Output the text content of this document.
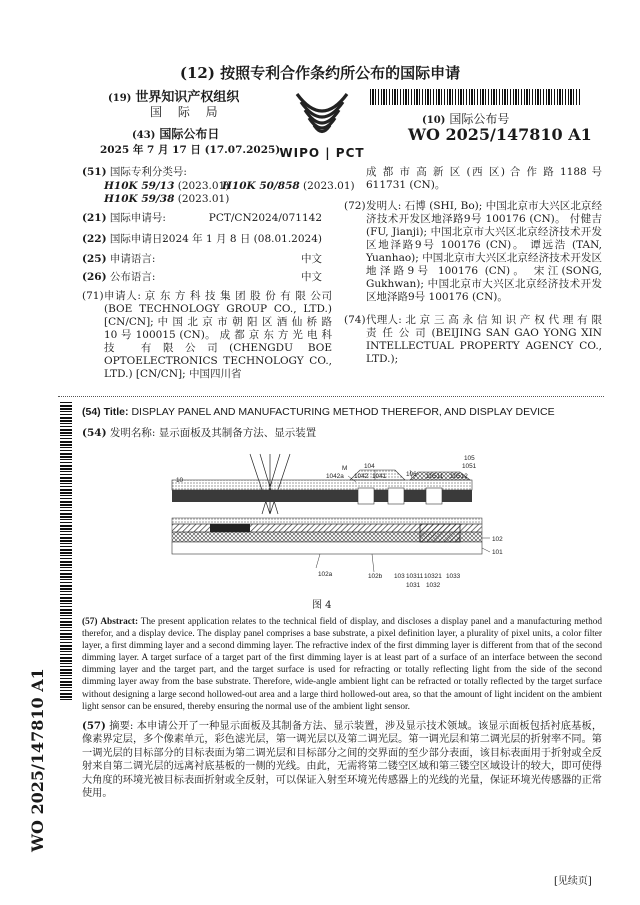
(12) 按照专利合作条约所公布的国际申请
(19) 世界知识产权组织
国 际 局
(43) 国际公布日
2025 年 7 月 17 日 (17.07.2025) WIPO | PCT
(10) 国际公布号
WO 2025/147810 A1
(51) 国际专利分类号:
H10K 59/13 (2023.01)
H10K 50/858 (2023.01)
H10K 59/38 (2023.01)
(21) 国际申请号:	PCT/CN2024/071142
(22) 国际申请日:
2024 年 1 月 8 日 (08.01.2024)
(25) 申请语言:	中文
(26) 公布语言:	中文
(71) 申请人: 京 东 方 科 技 集 团 股 份 有 限 公司(BOE TECHNOLOGY GROUP CO., LTD.) [CN/CN]; 中 国 北 京 市 朝 阳 区 酒 仙 桥 路 10 号 100015 (CN)。 成 都 京 东 方 光 电 科 技 有限公司(CHENGDU BOE OPTOELECTRONICS TECHNOLOGY CO., LTD.) [CN/CN]; 中国四川省
成 都 市 高 新 区 (西 区) 合 作 路 1188 号 611731 (CN)。
(72) 发明人: 石博 (SHI, Bo); 中国北京市大兴区北京经济技术开发区地泽路9号 100176 (CN)。 付健吉 (FU, Jianji); 中国北京市大兴区北京经济技术开发区地泽路9号 100176 (CN)。 谭远浩 (TAN, Yuanhao); 中国北京市大兴区北京经济技术开发区地泽路9号 100176 (CN)。 宋江(SONG, Gukhwan); 中国北京市大兴区北京经济技术开发区地泽路9号 100176 (CN)。
(74) 代理人: 北 京 三 高 永 信 知 识 产 权 代 理 有 限 责 任 公 司 (BEIJING SAN GAO YONG XIN INTELLECTUAL PROPERTY AGENCY CO., LTD.);
WO 2025/147810 A1
(54) Title: DISPLAY PANEL AND MANUFACTURING METHOD THEREFOR, AND DISPLAY DEVICE
(54) 发明名称: 显示面板及其制备方法、显示装置
10
M	104
105
1051
1042a 1042 1041	106 10511 10512
102
101
102a	102b 103 10311 10321 1033
1031 1032
图 4
(57) Abstract: The present application relates to the technical field of display, and discloses a display panel and a manufacturing method therefor, and a display device. The display panel comprises a base substrate, a pixel definition layer, a plurality of pixel units, a color filter layer, a first dimming layer and a second dimming layer. The refractive index of the first dimming layer is different from that of the second dimming layer. A target surface of a target part of the first dimming layer is at least part of a surface of an interface between the second dimming layer and the target part, and the target surface is used for refracting or totally reflecting light from the side of the second dimming layer away from the base substrate. Therefore, wide-angle ambient light can be refracted or totally reflected by the target surface without designing a large second hollowed-out area and a large third hollowed-out area, so that the amount of light incident on the ambient light sensor can be ensured, thereby ensuring the normal use of the ambient light sensor.
(57) 摘要: 本申请公开了一种显示面板及其制备方法、显示装置，涉及显示技术领域。该显示面板包括衬底基板，像素界定层，多个像素单元，彩色滤光层，第一调光层以及第二调光层。第一调光层和第二调光层的折射率不同。第一调光层的目标部分的目标表面为第二调光层和目标部分之间的交界面的至少部分表面，该目标表面用于折射或全反射来自第二调光层的远离衬底基板的一侧的光线。由此，无需将第二镂空区域和第三镂空区域设计的较大，即可使得大角度的环境光被目标表面折射或全反射，可以保证入射至环境光传感器上的光线的光量，保证环境光传感器的正常使用。
[见续页]
